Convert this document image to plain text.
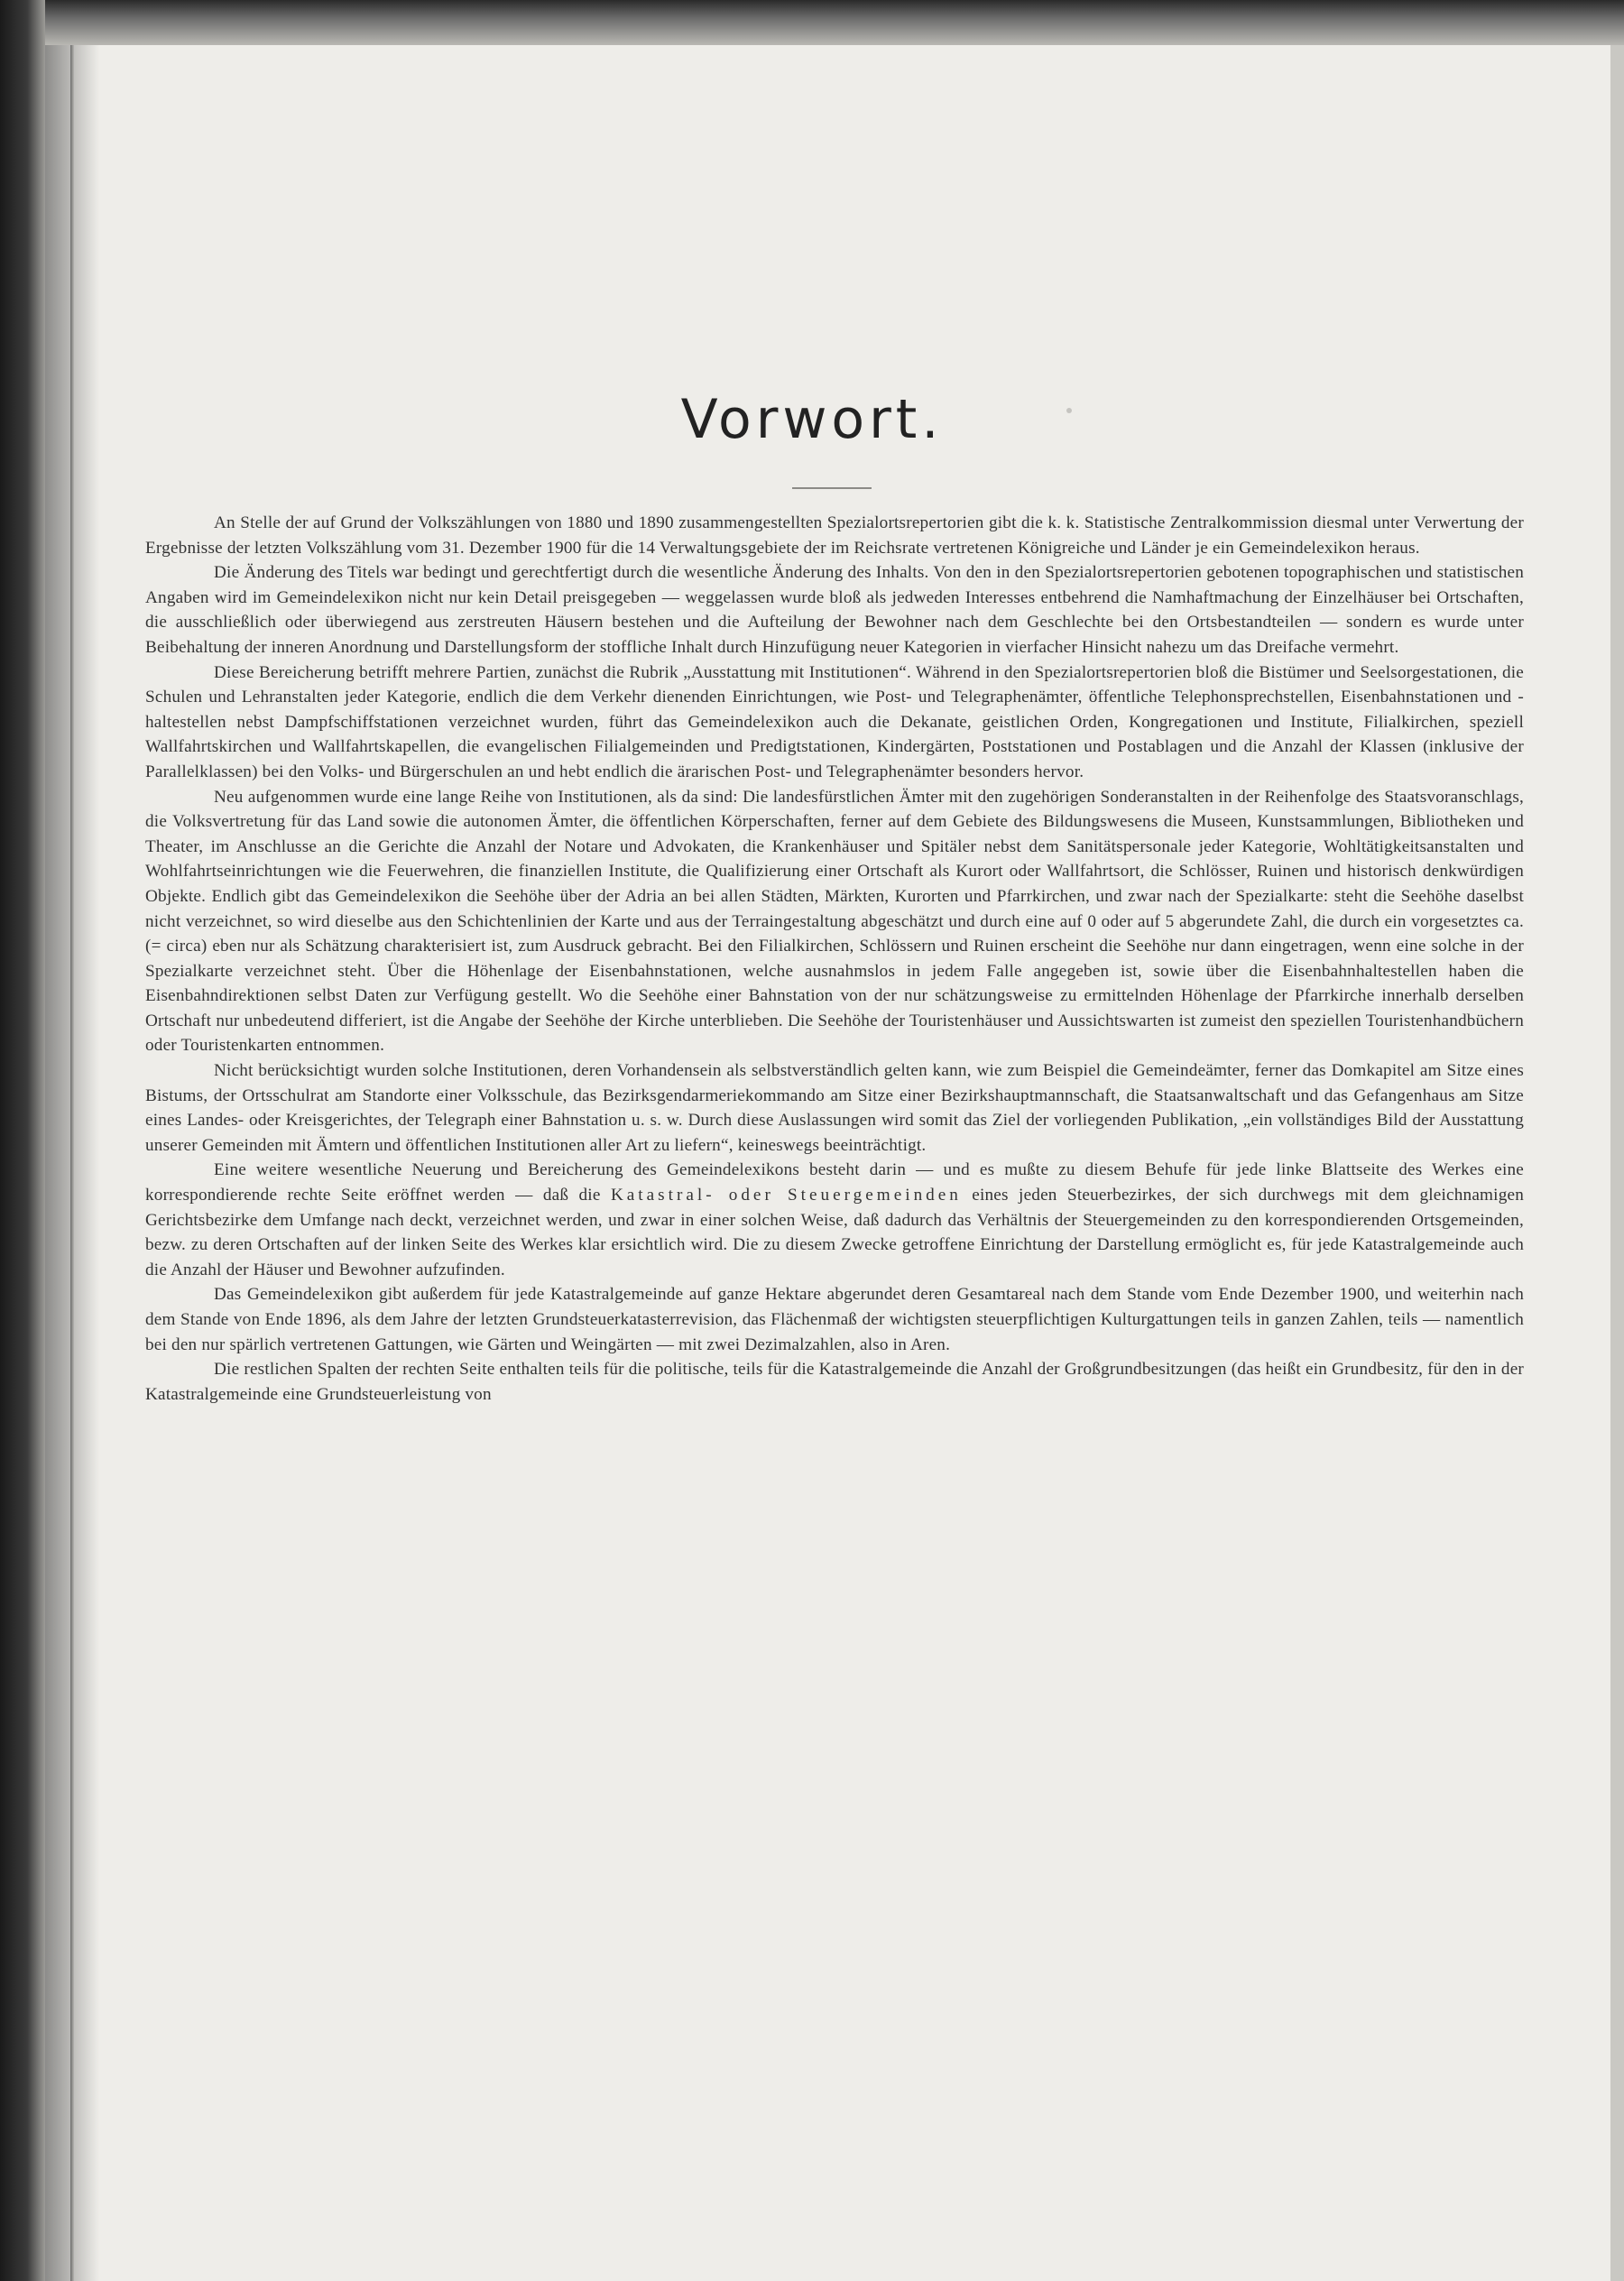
Vorwort.

An Stelle der auf Grund der Volkszählungen von 1880 und 1890 zusammengestellten Spezialortsrepertorien gibt die k. k. Statistische Zentralkommission diesmal unter Verwertung der Ergebnisse der letzten Volkszählung vom 31. Dezember 1900 für die 14 Verwaltungsgebiete der im Reichsrate vertretenen Königreiche und Länder je ein Gemeindelexikon heraus.

Die Änderung des Titels war bedingt und gerechtfertigt durch die wesentliche Änderung des Inhalts. Von den in den Spezialortsrepertorien gebotenen topographischen und statistischen Angaben wird im Gemeindelexikon nicht nur kein Detail preisgegeben — weggelassen wurde bloß als jedweden Interesses entbehrend die Namhaftmachung der Einzelhäuser bei Ortschaften, die ausschließlich oder überwiegend aus zerstreuten Häusern bestehen und die Aufteilung der Bewohner nach dem Geschlechte bei den Ortsbestandteilen — sondern es wurde unter Beibehaltung der inneren Anordnung und Darstellungsform der stoffliche Inhalt durch Hinzufügung neuer Kategorien in vierfacher Hinsicht nahezu um das Dreifache vermehrt.

Diese Bereicherung betrifft mehrere Partien, zunächst die Rubrik „Ausstattung mit Institutionen“. Während in den Spezialortsrepertorien bloß die Bistümer und Seelsorgestationen, die Schulen und Lehranstalten jeder Kategorie, endlich die dem Verkehr dienenden Einrichtungen, wie Post- und Telegraphenämter, öffentliche Telephonsprechstellen, Eisenbahnstationen und -haltestellen nebst Dampfschiffstationen verzeichnet wurden, führt das Gemeindelexikon auch die Dekanate, geistlichen Orden, Kongregationen und Institute, Filialkirchen, speziell Wallfahrtskirchen und Wallfahrtskapellen, die evangelischen Filialgemeinden und Predigtstationen, Kindergärten, Poststationen und Postablagen und die Anzahl der Klassen (inklusive der Parallelklassen) bei den Volks- und Bürgerschulen an und hebt endlich die ärarischen Post- und Telegraphenämter besonders hervor.

Neu aufgenommen wurde eine lange Reihe von Institutionen, als da sind: Die landesfürstlichen Ämter mit den zugehörigen Sonderanstalten in der Reihenfolge des Staatsvoranschlags, die Volksvertretung für das Land sowie die autonomen Ämter, die öffentlichen Körperschaften, ferner auf dem Gebiete des Bildungswesens die Museen, Kunstsammlungen, Bibliotheken und Theater, im Anschlusse an die Gerichte die Anzahl der Notare und Advokaten, die Krankenhäuser und Spitäler nebst dem Sanitätspersonale jeder Kategorie, Wohltätigkeitsanstalten und Wohlfahrtseinrichtungen wie die Feuerwehren, die finanziellen Institute, die Qualifizierung einer Ortschaft als Kurort oder Wallfahrtsort, die Schlösser, Ruinen und historisch denkwürdigen Objekte. Endlich gibt das Gemeindelexikon die Seehöhe über der Adria an bei allen Städten, Märkten, Kurorten und Pfarrkirchen, und zwar nach der Spezialkarte: steht die Seehöhe daselbst nicht verzeichnet, so wird dieselbe aus den Schichtenlinien der Karte und aus der Terraingestaltung abgeschätzt und durch eine auf 0 oder auf 5 abgerundete Zahl, die durch ein vorgesetztes ca. (= circa) eben nur als Schätzung charakterisiert ist, zum Ausdruck gebracht. Bei den Filialkirchen, Schlössern und Ruinen erscheint die Seehöhe nur dann eingetragen, wenn eine solche in der Spezialkarte verzeichnet steht. Über die Höhenlage der Eisenbahnstationen, welche ausnahmslos in jedem Falle angegeben ist, sowie über die Eisenbahnhaltestellen haben die Eisenbahndirektionen selbst Daten zur Verfügung gestellt. Wo die Seehöhe einer Bahnstation von der nur schätzungsweise zu ermittelnden Höhenlage der Pfarrkirche innerhalb derselben Ortschaft nur unbedeutend differiert, ist die Angabe der Seehöhe der Kirche unterblieben. Die Seehöhe der Touristenhäuser und Aussichtswarten ist zumeist den speziellen Touristenhandbüchern oder Touristenkarten entnommen.

Nicht berücksichtigt wurden solche Institutionen, deren Vorhandensein als selbstverständlich gelten kann, wie zum Beispiel die Gemeindeämter, ferner das Domkapitel am Sitze eines Bistums, der Ortsschulrat am Standorte einer Volksschule, das Bezirksgendarmeriekommando am Sitze einer Bezirkshauptmannschaft, die Staatsanwaltschaft und das Gefangenhaus am Sitze eines Landes- oder Kreisgerichtes, der Telegraph einer Bahnstation u. s. w. Durch diese Auslassungen wird somit das Ziel der vorliegenden Publikation, „ein vollständiges Bild der Ausstattung unserer Gemeinden mit Ämtern und öffentlichen Institutionen aller Art zu liefern“, keineswegs beeinträchtigt.

Eine weitere wesentliche Neuerung und Bereicherung des Gemeindelexikons besteht darin — und es mußte zu diesem Behufe für jede linke Blattseite des Werkes eine korrespondierende rechte Seite eröffnet werden — daß die Katastral- oder Steuergemeinden eines jeden Steuerbezirkes, der sich durchwegs mit dem gleichnamigen Gerichtsbezirke dem Umfange nach deckt, verzeichnet werden, und zwar in einer solchen Weise, daß dadurch das Verhältnis der Steuergemeinden zu den korrespondierenden Ortsgemeinden, bezw. zu deren Ortschaften auf der linken Seite des Werkes klar ersichtlich wird. Die zu diesem Zwecke getroffene Einrichtung der Darstellung ermöglicht es, für jede Katastralgemeinde auch die Anzahl der Häuser und Bewohner aufzufinden.

Das Gemeindelexikon gibt außerdem für jede Katastralgemeinde auf ganze Hektare abgerundet deren Gesamtareal nach dem Stande vom Ende Dezember 1900, und weiterhin nach dem Stande von Ende 1896, als dem Jahre der letzten Grundsteuerkatasterrevision, das Flächenmaß der wichtigsten steuerpflichtigen Kulturgattungen teils in ganzen Zahlen, teils — namentlich bei den nur spärlich vertretenen Gattungen, wie Gärten und Weingärten — mit zwei Dezimalzahlen, also in Aren.

Die restlichen Spalten der rechten Seite enthalten teils für die politische, teils für die Katastralgemeinde die Anzahl der Großgrundbesitzungen (das heißt ein Grundbesitz, für den in der Katastralgemeinde eine Grundsteuerleistung von
